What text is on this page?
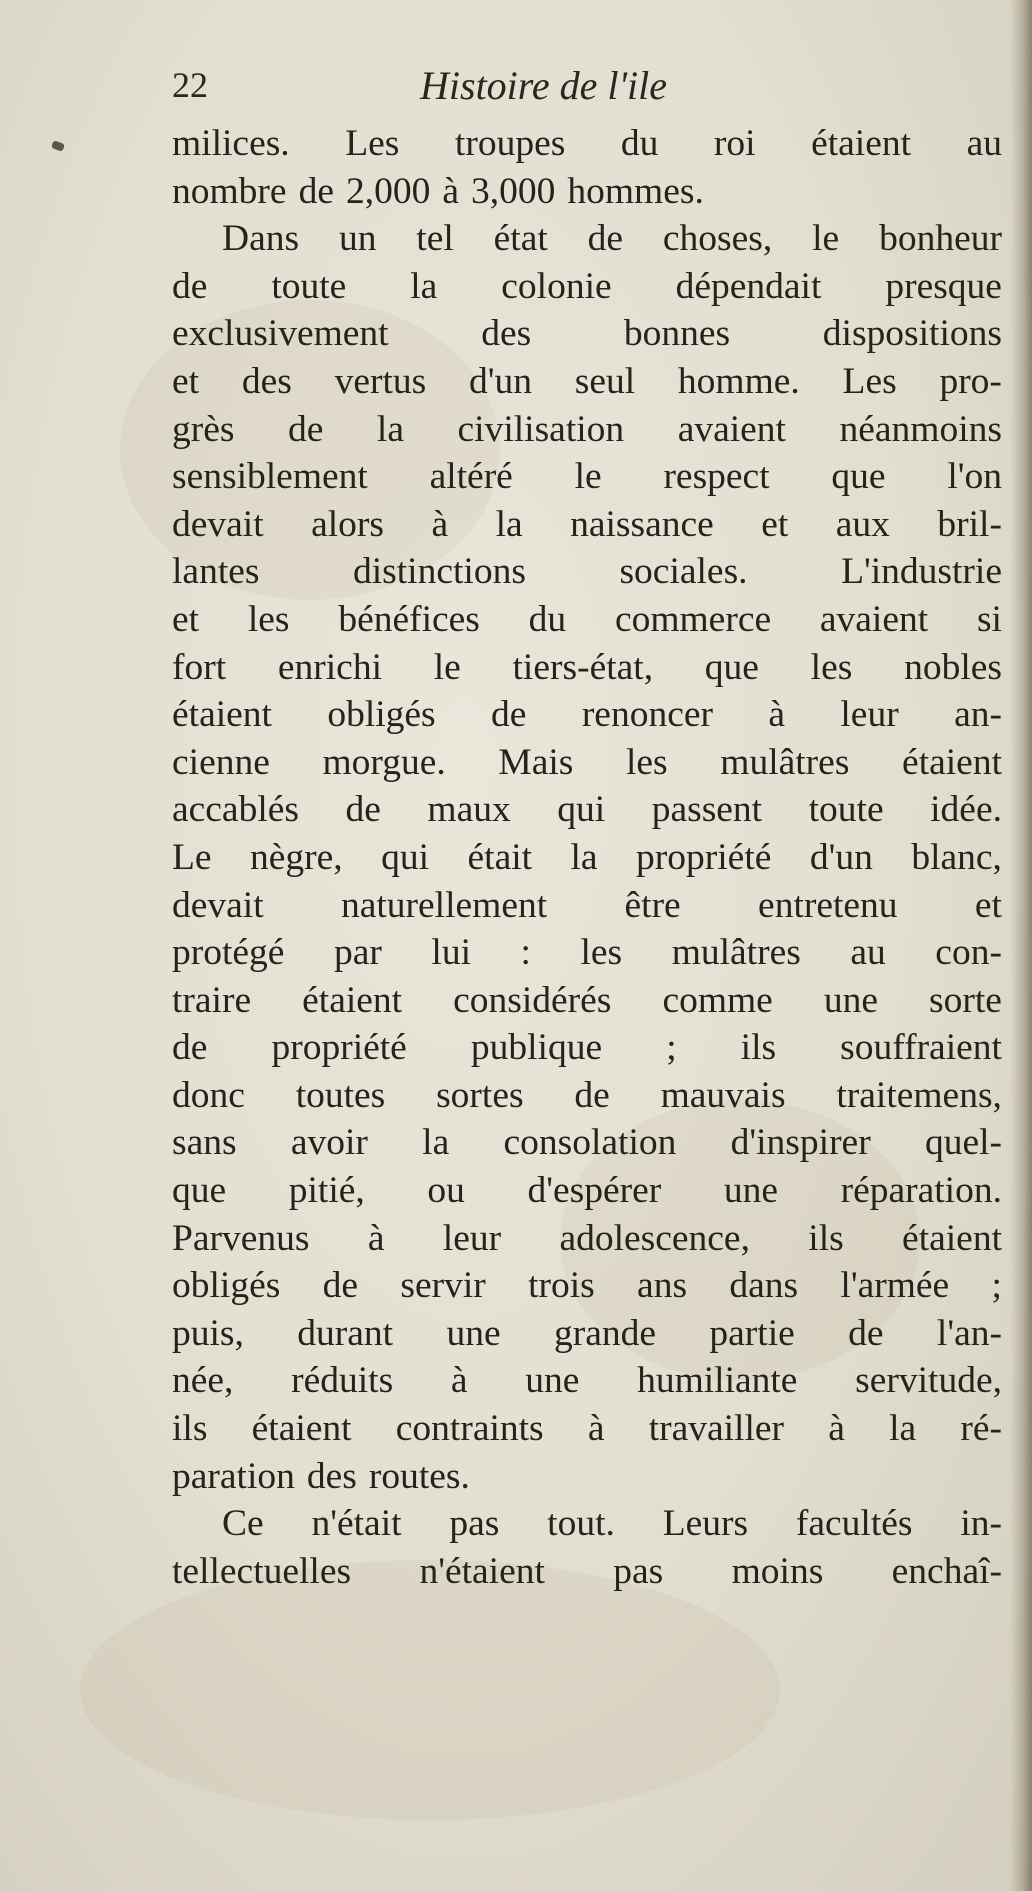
22	Histoire de l'ile
milices. Les troupes du roi étaient au
nombre de 2,000 à 3,000 hommes.
Dans un tel état de choses, le bonheur
de toute la colonie dépendait presque
exclusivement des bonnes dispositions
et des vertus d'un seul homme. Les pro-
grès de la civilisation avaient néanmoins
sensiblement altéré le respect que l'on
devait alors à la naissance et aux bril-
lantes distinctions sociales. L'industrie
et les bénéfices du commerce avaient si
fort enrichi le tiers-état, que les nobles
étaient obligés de renoncer à leur an-
cienne morgue. Mais les mulâtres étaient
accablés de maux qui passent toute idée.
Le nègre, qui était la propriété d'un blanc,
devait naturellement être entretenu et
protégé par lui : les mulâtres au con-
traire étaient considérés comme une sorte
de propriété publique ; ils souffraient
donc toutes sortes de mauvais traitemens,
sans avoir la consolation d'inspirer quel-
que pitié, ou d'espérer une réparation.
Parvenus à leur adolescence, ils étaient
obligés de servir trois ans dans l'armée ;
puis, durant une grande partie de l'an-
née, réduits à une humiliante servitude,
ils étaient contraints à travailler à la ré-
paration des routes.
Ce n'était pas tout. Leurs facultés in-
tellectuelles n'étaient pas moins enchaî-
